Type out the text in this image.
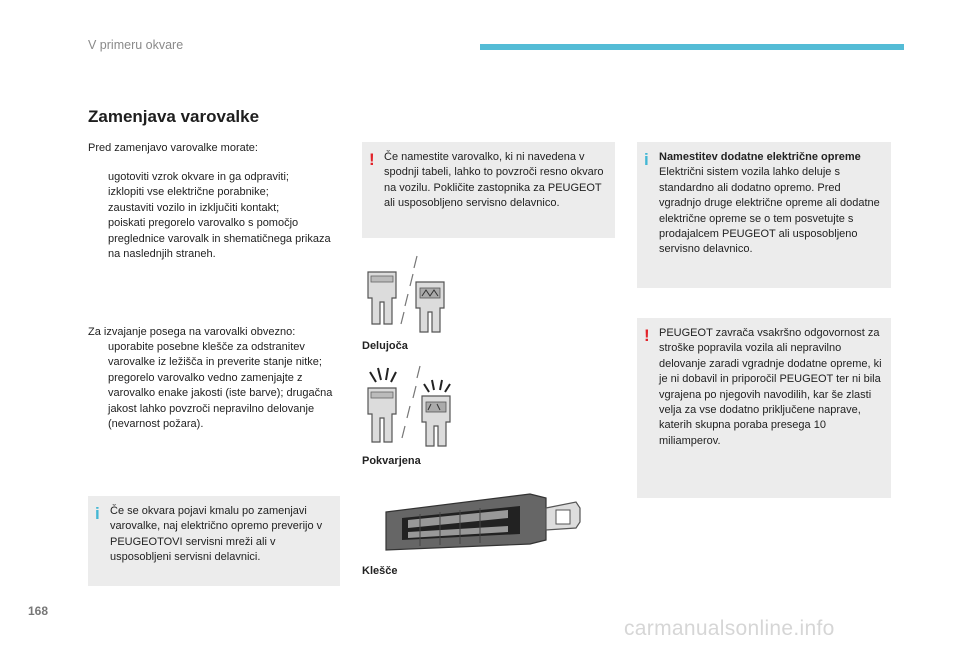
V primeru okvare
Zamenjava varovalke
Pred zamenjavo varovalke morate:
ugotoviti vzrok okvare in ga odpraviti;
izklopiti vse električne porabnike;
zaustaviti vozilo in izključiti kontakt;
poiskati pregorelo varovalko s pomočjo preglednice varovalk in shematičnega prikaza na naslednjih straneh.
Za izvajanje posega na varovalki obvezno:
uporabite posebne klešče za odstranitev varovalke iz ležišča in preverite stanje nitke;
pregorelo varovalko vedno zamenjajte z varovalko enake jakosti (iste barve); drugačna jakost lahko povzroči nepravilno delovanje (nevarnost požara).
i Če se okvara pojavi kmalu po zamenjavi varovalke, naj električno opremo preverijo v PEUGEOTOVI servisni mreži ali v usposobljeni servisni delavnici.
! Če namestite varovalko, ki ni navedena v spodnji tabeli, lahko to povzroči resno okvaro na vozilu. Pokličite zastopnika za PEUGEOT ali usposobljeno servisno delavnico.
Delujoča
Pokvarjena
Klešče
i Namestitev dodatne električne opreme
Električni sistem vozila lahko deluje s standardno ali dodatno opremo. Pred vgradnjo druge električne opreme ali dodatne električne opreme se o tem posvetujte s prodajalcem PEUGEOT ali usposobljeno servisno delavnico.
! PEUGEOT zavrača vsakršno odgovornost za stroške popravila vozila ali nepravilno delovanje zaradi vgradnje dodatne opreme, ki je ni dobavil in priporočil PEUGEOT ter ni bila vgrajena po njegovih navodilih, kar še zlasti velja za vse dodatno priključene naprave, katerih skupna poraba presega 10 miliamperov.
168
carmanualsonline.info
